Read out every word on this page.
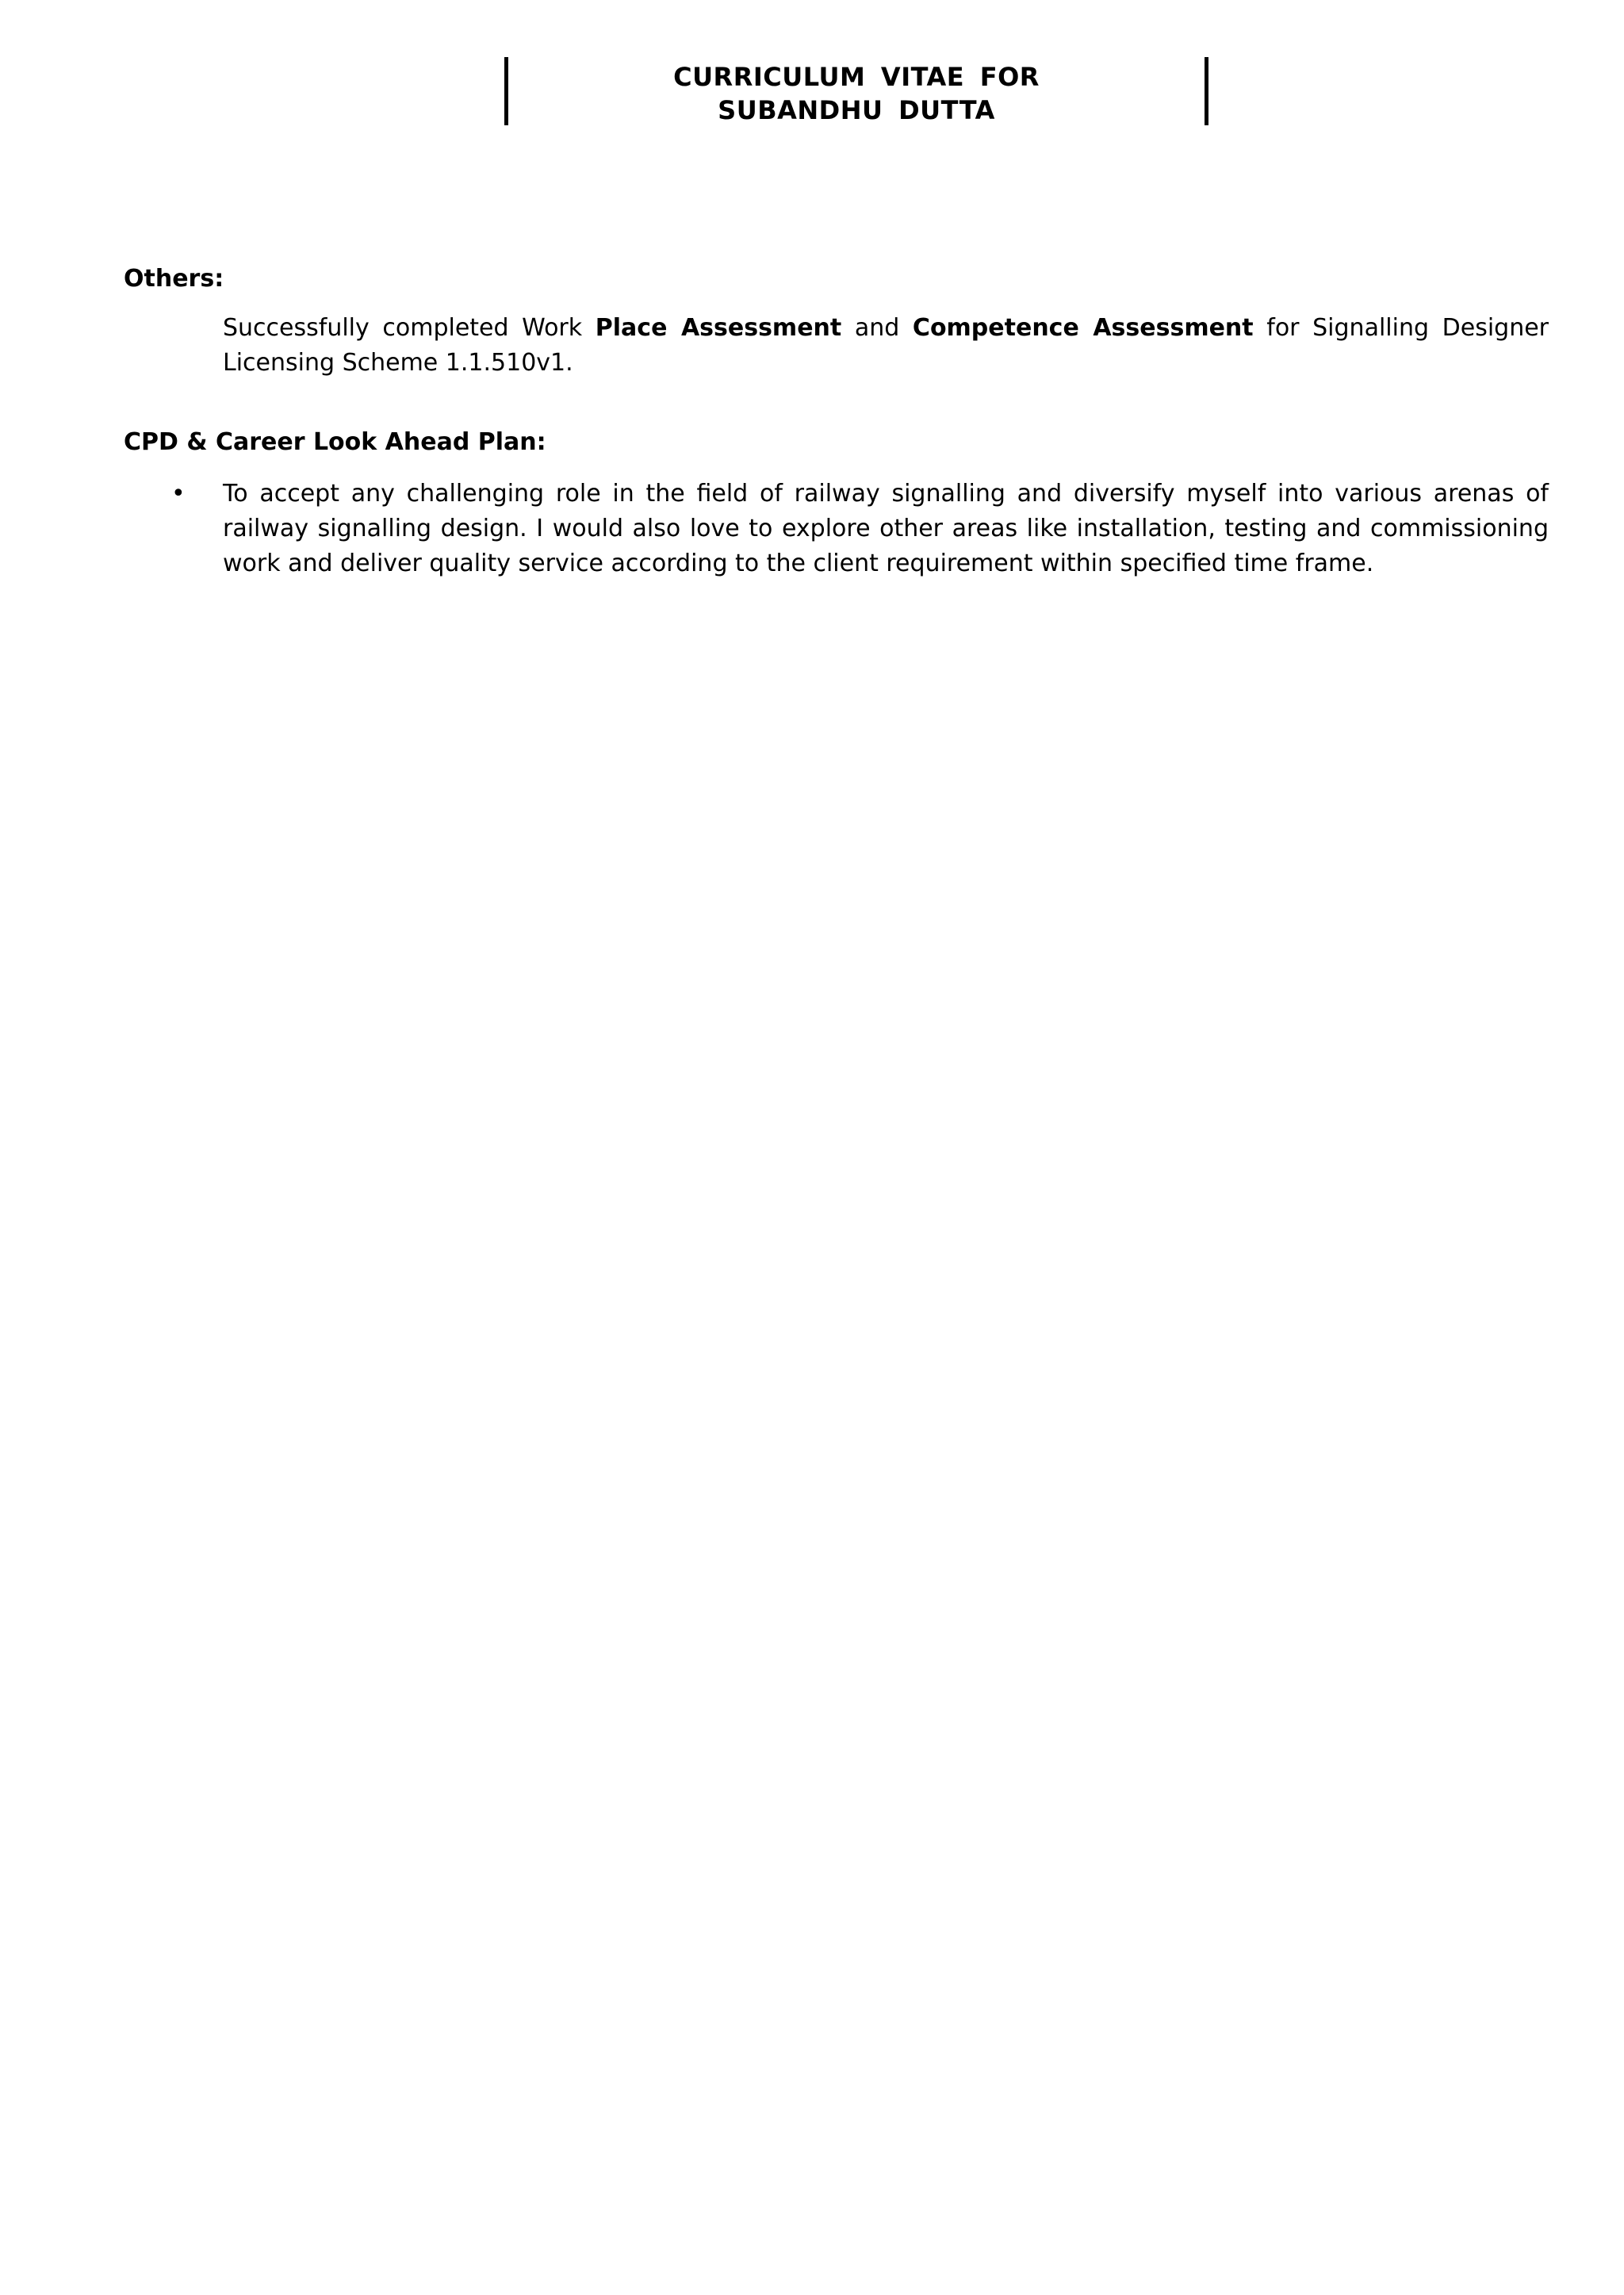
CURRICULUM VITAE FOR
SUBANDHU DUTTA
Others:

Successfully completed Work Place Assessment and Competence Assessment for Signalling Designer Licensing Scheme 1.1.510v1.

CPD & Career Look Ahead Plan:
• To accept any challenging role in the field of railway signalling and diversify myself into various arenas of railway signalling design. I would also love to explore other areas like installation, testing and commissioning work and deliver quality service according to the client requirement within specified time frame.
